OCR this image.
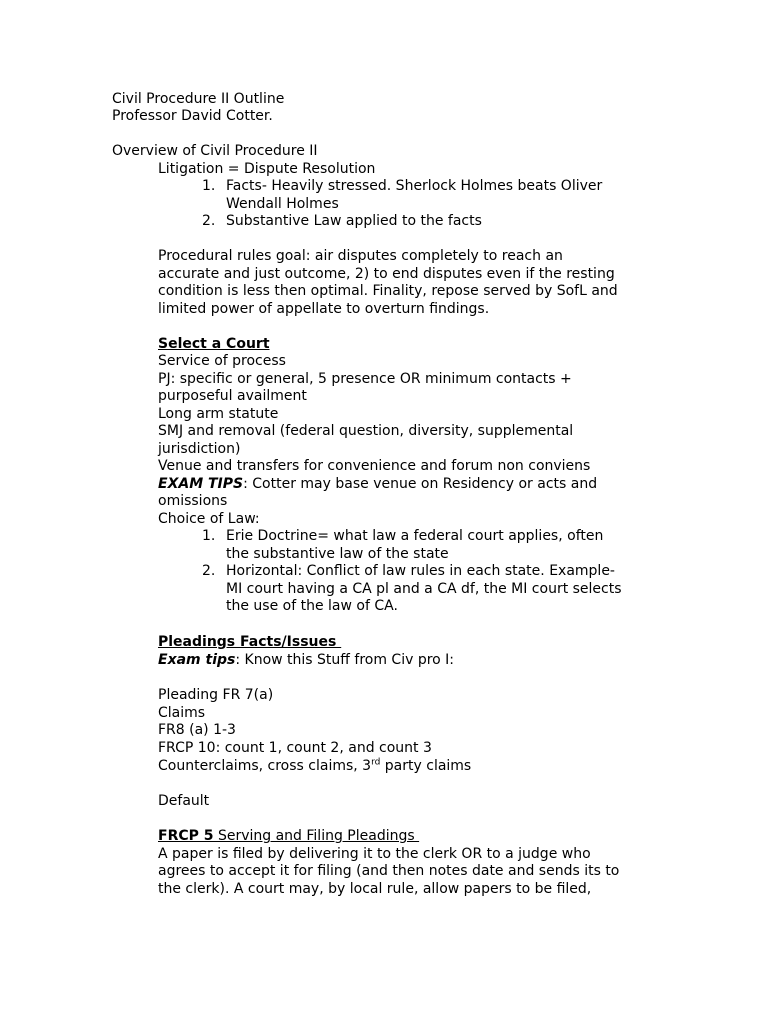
Civil Procedure II Outline
Professor David Cotter.
Overview of Civil Procedure II
Litigation = Dispute Resolution
1. Facts- Heavily stressed. Sherlock Holmes beats Oliver
Wendall Holmes
2. Substantive Law applied to the facts
Procedural rules goal: air disputes completely to reach an
accurate and just outcome, 2) to end disputes even if the resting
condition is less then optimal. Finality, repose served by SofL and
limited power of appellate to overturn findings.
Select a Court
Service of process
PJ: specific or general, 5 presence OR minimum contacts +
purposeful availment
Long arm statute
SMJ and removal (federal question, diversity, supplemental
jurisdiction)
Venue and transfers for convenience and forum non conviens
EXAM TIPS: Cotter may base venue on Residency or acts and
omissions
Choice of Law:
1. Erie Doctrine= what law a federal court applies, often
the substantive law of the state
2. Horizontal: Conflict of law rules in each state. Example-
MI court having a CA pl and a CA df, the MI court selects
the use of the law of CA.
Pleadings Facts/Issues
Exam tips: Know this Stuff from Civ pro I:
Pleading FR 7(a)
Claims
FR8 (a) 1-3
FRCP 10: count 1, count 2, and count 3
Counterclaims, cross claims, 3rd party claims
Default
FRCP 5 Serving and Filing Pleadings
A paper is filed by delivering it to the clerk OR to a judge who
agrees to accept it for filing (and then notes date and sends its to
the clerk). A court may, by local rule, allow papers to be filed,
